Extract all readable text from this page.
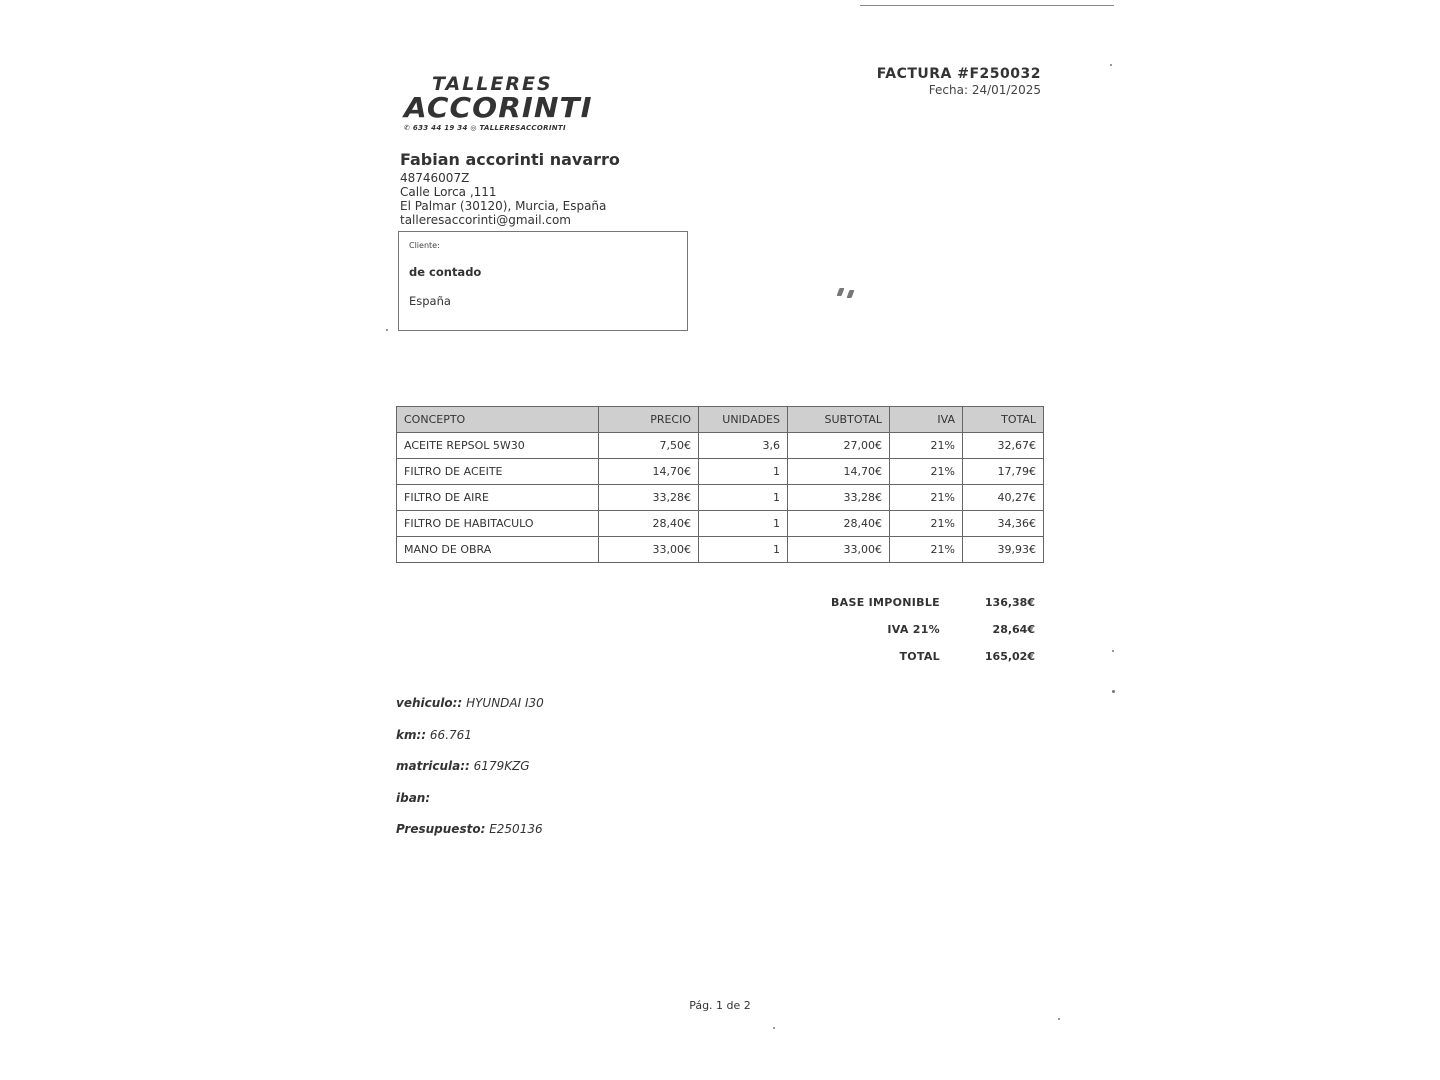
TALLERES
ACCORINTI
✆ 633 44 19 34 ◎ TALLERESACCORINTI
FACTURA #F250032
Fecha: 24/01/2025
Fabian accorinti navarro
48746007Z
Calle Lorca ,111
El Palmar (30120), Murcia, España
talleresaccorinti@gmail.com
Cliente:
de contado
España
CONCEPTO	PRECIO	UNIDADES	SUBTOTAL	IVA	TOTAL
ACEITE REPSOL 5W30	7,50€	3,6	27,00€	21%	32,67€
FILTRO DE ACEITE	14,70€	1	14,70€	21%	17,79€
FILTRO DE AIRE	33,28€	1	33,28€	21%	40,27€
FILTRO DE HABITACULO	28,40€	1	28,40€	21%	34,36€
MANO DE OBRA	33,00€	1	33,00€	21%	39,93€
BASE IMPONIBLE	136,38€
IVA 21%	28,64€
TOTAL	165,02€
vehiculo:: HYUNDAI I30
km:: 66.761
matricula:: 6179KZG
iban:
Presupuesto: E250136
Pág. 1 de 2
